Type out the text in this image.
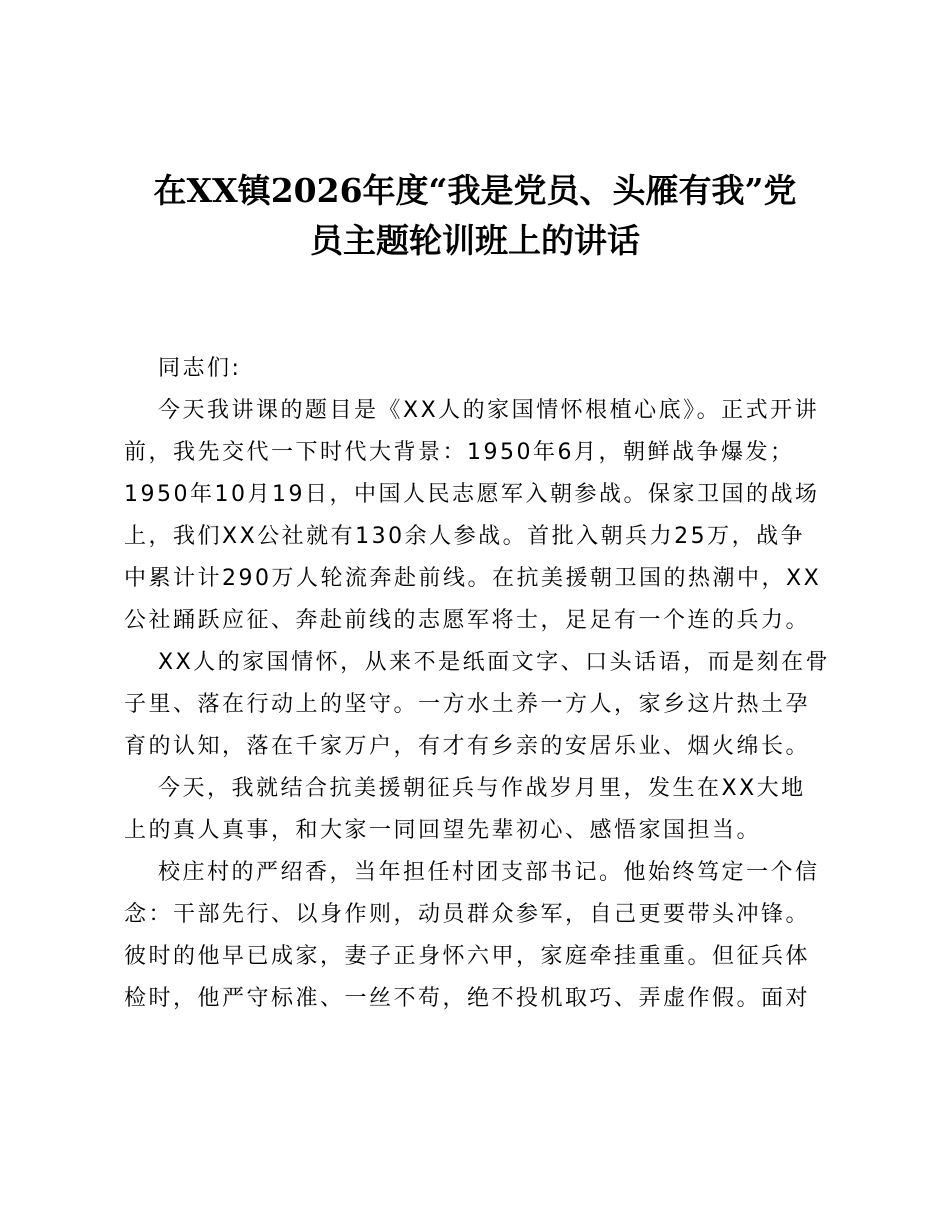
在XX镇2026年度“我是党员、头雁有我”党
员主题轮训班上的讲话

同志们:

今天我讲课的题目是《XX人的家国情怀根植心底》。正式开讲

前，我先交代一下时代大背景：1950年6月，朝鲜战争爆发；

1950年10月19日，中国人民志愿军入朝参战。保家卫国的战场

上，我们XX公社就有130余人参战。首批入朝兵力25万，战争

中累计计290万人轮流奔赴前线。在抗美援朝卫国的热潮中，XX

公社踊跃应征、奔赴前线的志愿军将士，足足有一个连的兵力。

XX人的家国情怀，从来不是纸面文字、口头话语，而是刻在骨

子里、落在行动上的坚守。一方水土养一方人，家乡这片热土孕

育的认知，落在千家万户，有才有乡亲的安居乐业、烟火绵长。

今天，我就结合抗美援朝征兵与作战岁月里，发生在XX大地

上的真人真事，和大家一同回望先辈初心、感悟家国担当。

校庄村的严绍香，当年担任村团支部书记。他始终笃定一个信

念：干部先行、以身作则，动员群众参军，自己更要带头冲锋。

彼时的他早已成家，妻子正身怀六甲，家庭牵挂重重。但征兵体

检时，他严守标准、一丝不苟，绝不投机取巧、弄虚作假。面对
